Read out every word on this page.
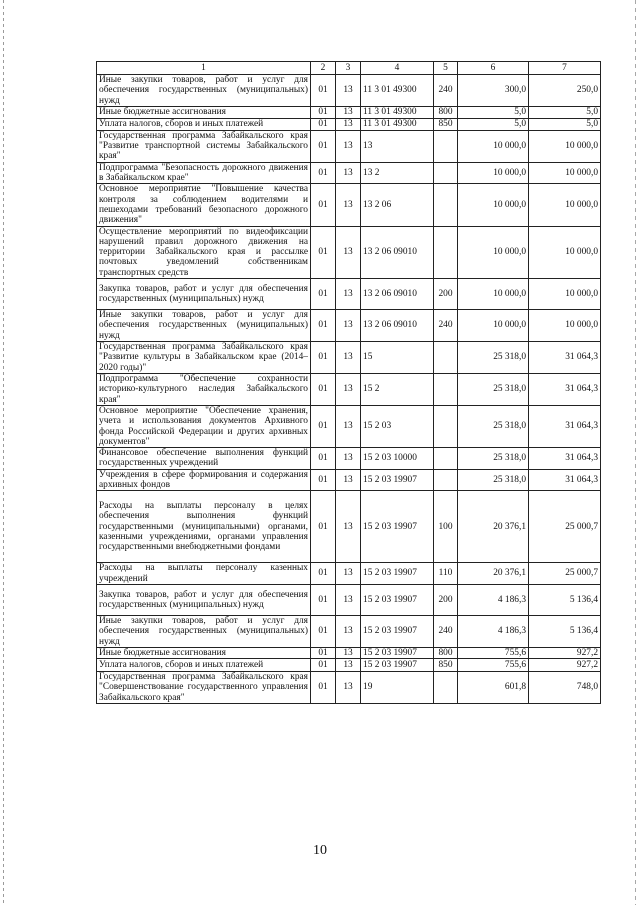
1	2	3	4	5	6	7
Иные закупки товаров, работ и услуг для обеспечения государственных (муниципальных) нужд	01	13	11 3 01 49300	240	300,0	250,0
Иные бюджетные ассигнования	01	13	11 3 01 49300	800	5,0	5,0
Уплата налогов, сборов и иных платежей	01	13	11 3 01 49300	850	5,0	5,0
Государственная программа Забайкальского края "Развитие транспортной системы Забайкальского края"	01	13	13		10 000,0	10 000,0
Подпрограмма "Безопасность дорожного движения в Забайкальском крае"	01	13	13 2		10 000,0	10 000,0
Основное мероприятие "Повышение качества контроля за соблюдением водителями и пешеходами требований безопасного дорожного движения"	01	13	13 2 06		10 000,0	10 000,0
Осуществление мероприятий по видеофиксации нарушений правил дорожного движения на территории Забайкальского края и рассылке почтовых уведомлений собственникам транспортных средств	01	13	13 2 06 09010		10 000,0	10 000,0
Закупка товаров, работ и услуг для обеспечения государственных (муниципальных) нужд	01	13	13 2 06 09010	200	10 000,0	10 000,0
Иные закупки товаров, работ и услуг для обеспечения государственных (муниципальных) нужд	01	13	13 2 06 09010	240	10 000,0	10 000,0
Государственная программа Забайкальского края "Развитие культуры в Забайкальском крае (2014–2020 годы)"	01	13	15		25 318,0	31 064,3
Подпрограмма "Обеспечение сохранности историко-культурного наследия Забайкальского края"	01	13	15 2		25 318,0	31 064,3
Основное мероприятие "Обеспечение хранения, учета и использования документов Архивного фонда Российской Федерации и других архивных документов"	01	13	15 2 03		25 318,0	31 064,3
Финансовое обеспечение выполнения функций государственных учреждений	01	13	15 2 03 10000		25 318,0	31 064,3
Учреждения в сфере формирования и содержания архивных фондов	01	13	15 2 03 19907		25 318,0	31 064,3
Расходы на выплаты персоналу в целях обеспечения выполнения функций государственными (муниципальными) органами, казенными учреждениями, органами управления государственными внебюджетными фондами	01	13	15 2 03 19907	100	20 376,1	25 000,7
Расходы на выплаты персоналу казенных учреждений	01	13	15 2 03 19907	110	20 376,1	25 000,7
Закупка товаров, работ и услуг для обеспечения государственных (муниципальных) нужд	01	13	15 2 03 19907	200	4 186,3	5 136,4
Иные закупки товаров, работ и услуг для обеспечения государственных (муниципальных) нужд	01	13	15 2 03 19907	240	4 186,3	5 136,4
Иные бюджетные ассигнования	01	13	15 2 03 19907	800	755,6	927,2
Уплата налогов, сборов и иных платежей	01	13	15 2 03 19907	850	755,6	927,2
Государственная программа Забайкальского края "Совершенствование государственного управления Забайкальского края"	01	13	19		601,8	748,0
10
